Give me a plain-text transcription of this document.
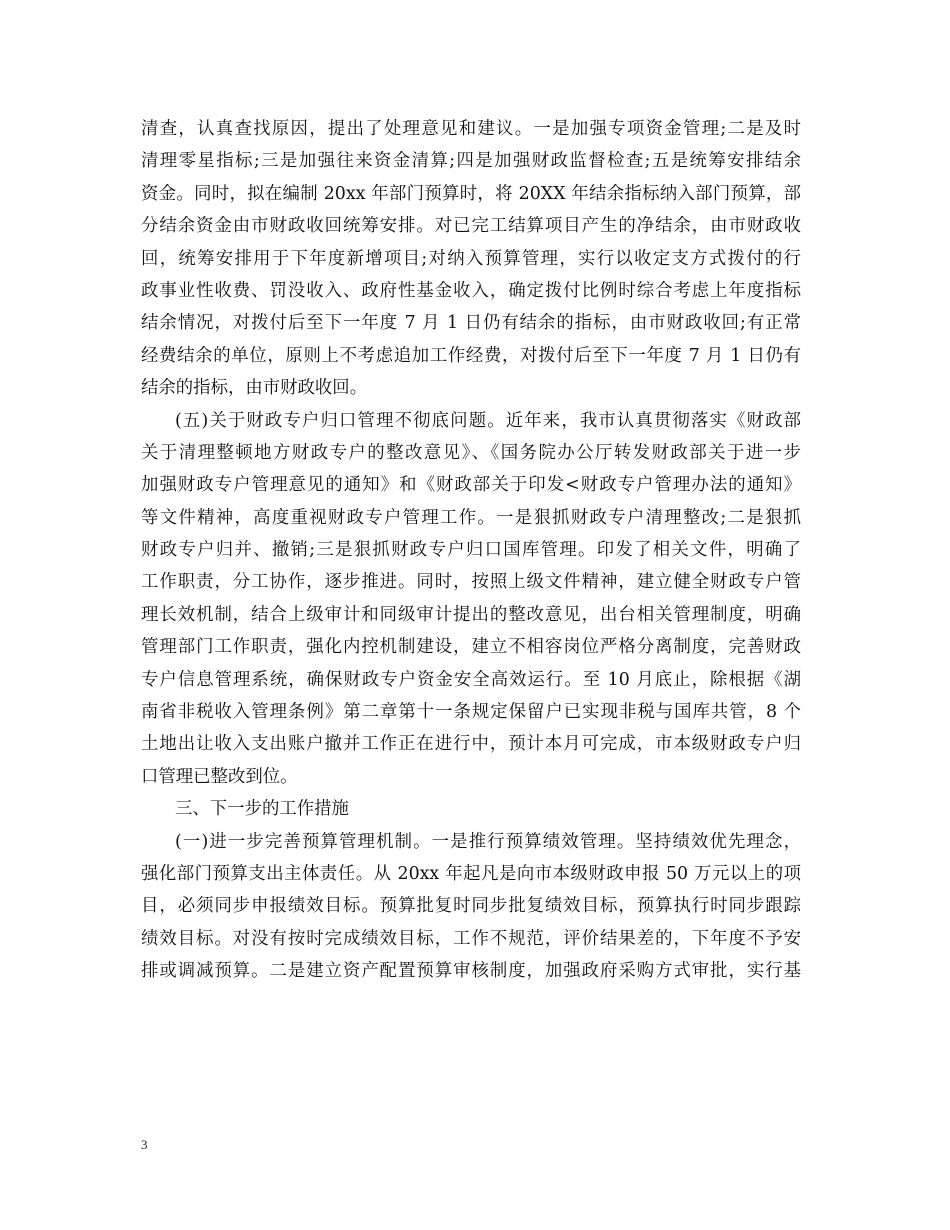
清查，认真查找原因，提出了处理意见和建议。一是加强专项资金管理;二是及时
清理零星指标;三是加强往来资金清算;四是加强财政监督检查;五是统筹安排结余
资金。同时，拟在编制 20xx 年部门预算时，将 20XX 年结余指标纳入部门预算，部
分结余资金由市财政收回统筹安排。对已完工结算项目产生的净结余，由市财政收
回，统筹安排用于下年度新增项目;对纳入预算管理，实行以收定支方式拨付的行
政事业性收费、罚没收入、政府性基金收入，确定拨付比例时综合考虑上年度指标
结余情况，对拨付后至下一年度 7 月 1 日仍有结余的指标，由市财政收回;有正常
经费结余的单位，原则上不考虑追加工作经费，对拨付后至下一年度 7 月 1 日仍有
结余的指标，由市财政收回。
(五)关于财政专户归口管理不彻底问题。近年来，我市认真贯彻落实《财政部
关于清理整顿地方财政专户的整改意见》、《国务院办公厅转发财政部关于进一步
加强财政专户管理意见的通知》和《财政部关于印发<财政专户管理办法的通知》
等文件精神，高度重视财政专户管理工作。一是狠抓财政专户清理整改;二是狠抓
财政专户归并、撤销;三是狠抓财政专户归口国库管理。印发了相关文件，明确了
工作职责，分工协作，逐步推进。同时，按照上级文件精神，建立健全财政专户管
理长效机制，结合上级审计和同级审计提出的整改意见，出台相关管理制度，明确
管理部门工作职责，强化内控机制建设，建立不相容岗位严格分离制度，完善财政
专户信息管理系统，确保财政专户资金安全高效运行。至 10 月底止，除根据《湖
南省非税收入管理条例》第二章第十一条规定保留户已实现非税与国库共管，8 个
土地出让收入支出账户撤并工作正在进行中，预计本月可完成，市本级财政专户归
口管理已整改到位。
三、下一步的工作措施
(一)进一步完善预算管理机制。一是推行预算绩效管理。坚持绩效优先理念，
强化部门预算支出主体责任。从 20xx 年起凡是向市本级财政申报 50 万元以上的项
目，必须同步申报绩效目标。预算批复时同步批复绩效目标，预算执行时同步跟踪
绩效目标。对没有按时完成绩效目标，工作不规范，评价结果差的，下年度不予安
排或调减预算。二是建立资产配置预算审核制度，加强政府采购方式审批，实行基
3
